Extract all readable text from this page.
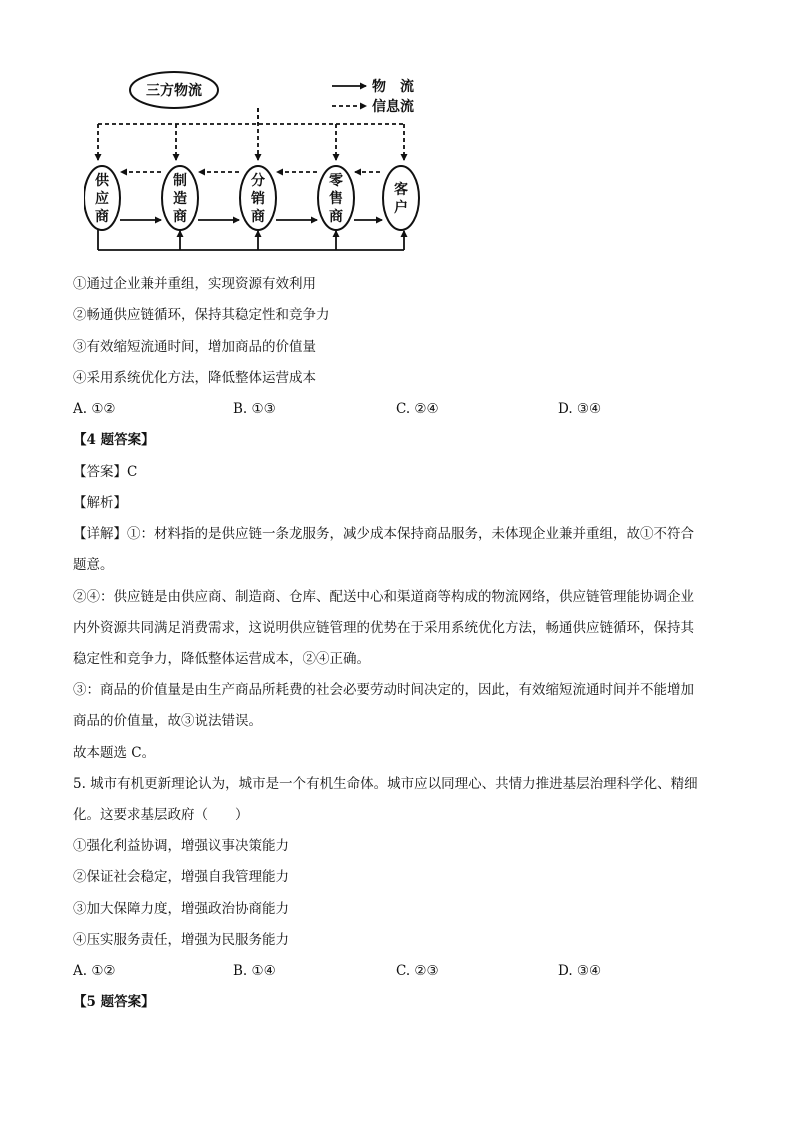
三方物流	物　流
信息流
供
应
商
制
造
商
分
销
商
零
售
商
客
户
①通过企业兼并重组，实现资源有效利用
②畅通供应链循环，保持其稳定性和竞争力
③有效缩短流通时间，增加商品的价值量
④采用系统优化方法，降低整体运营成本
A. ①②	B. ①③	C. ②④	D. ③④
【4 题答案】
【答案】C
【解析】
【详解】①：材料指的是供应链一条龙服务，减少成本保持商品服务，未体现企业兼并重组，故①不符合
题意。
②④：供应链是由供应商、制造商、仓库、配送中心和渠道商等构成的物流网络，供应链管理能协调企业
内外资源共同满足消费需求，这说明供应链管理的优势在于采用系统优化方法，畅通供应链循环，保持其
稳定性和竞争力，降低整体运营成本，②④正确。
③：商品的价值量是由生产商品所耗费的社会必要劳动时间决定的，因此，有效缩短流通时间并不能增加
商品的价值量，故③说法错误。
故本题选 C。
5. 城市有机更新理论认为，城市是一个有机生命体。城市应以同理心、共情力推进基层治理科学化、精细
化。这要求基层政府（　　）
①强化利益协调，增强议事决策能力
②保证社会稳定，增强自我管理能力
③加大保障力度，增强政治协商能力
④压实服务责任，增强为民服务能力
A. ①②	B. ①④	C. ②③	D. ③④
【5 题答案】
